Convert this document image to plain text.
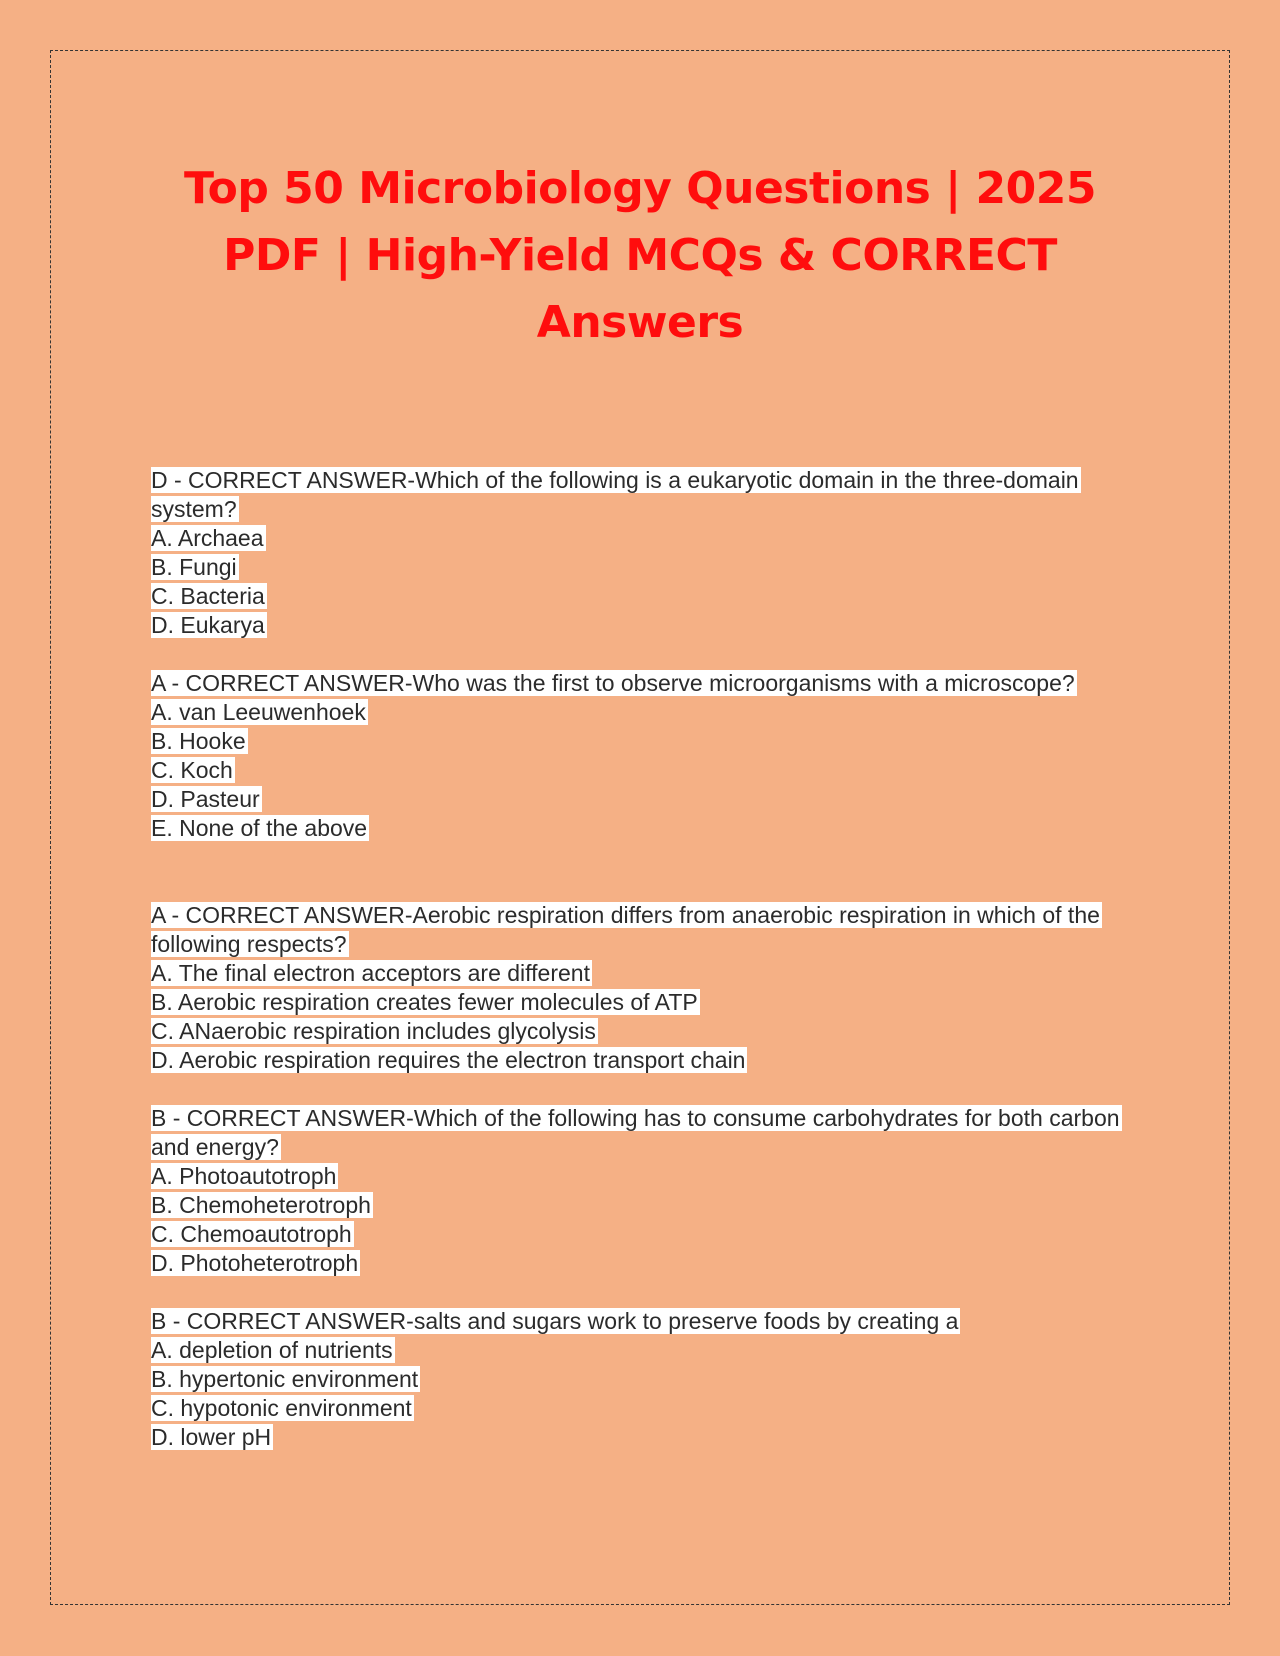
Top 50 Microbiology Questions | 2025 PDF | High-Yield MCQs & CORRECT Answers
D - CORRECT ANSWER-Which of the following is a eukaryotic domain in the three-domain system?
A. Archaea
B. Fungi
C. Bacteria
D. Eukarya
A - CORRECT ANSWER-Who was the first to observe microorganisms with a microscope?
A. van Leeuwenhoek
B. Hooke
C. Koch
D. Pasteur
E. None of the above
A - CORRECT ANSWER-Aerobic respiration differs from anaerobic respiration in which of the following respects?
A. The final electron acceptors are different
B. Aerobic respiration creates fewer molecules of ATP
C. ANaerobic respiration includes glycolysis
D. Aerobic respiration requires the electron transport chain
B - CORRECT ANSWER-Which of the following has to consume carbohydrates for both carbon and energy?
A. Photoautotroph
B. Chemoheterotroph
C. Chemoautotroph
D. Photoheterotroph
B - CORRECT ANSWER-salts and sugars work to preserve foods by creating a
A. depletion of nutrients
B. hypertonic environment
C. hypotonic environment
D. lower pH
